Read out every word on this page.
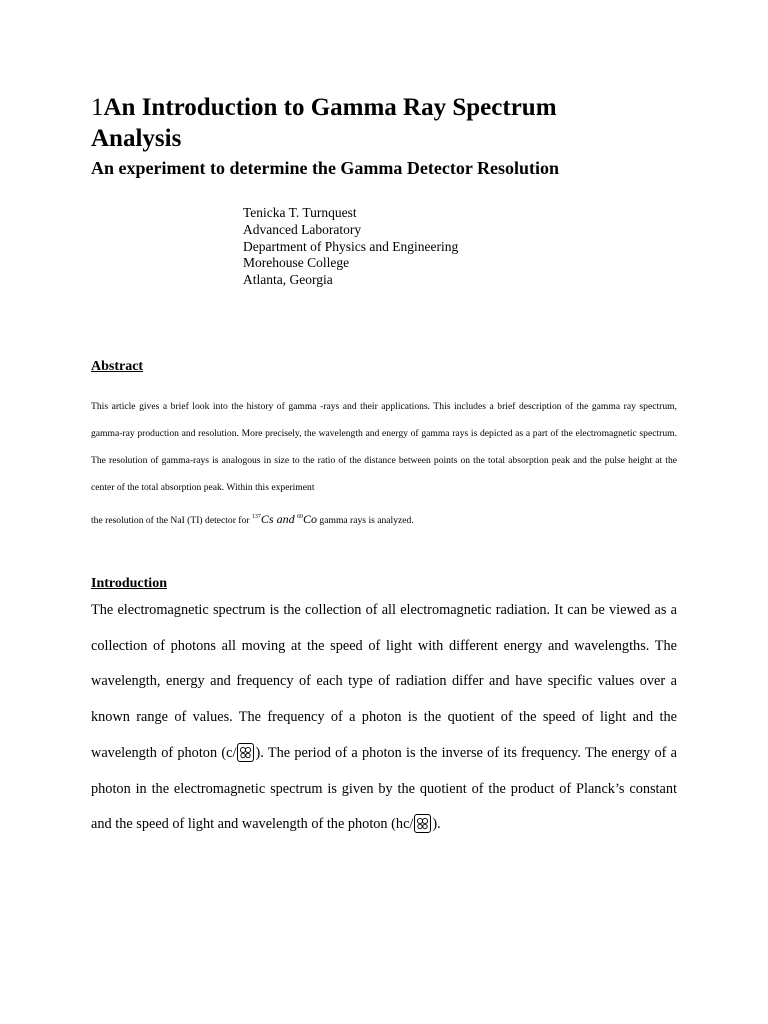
1An Introduction to Gamma Ray Spectrum Analysis
An experiment to determine the Gamma Detector Resolution
Tenicka T. Turnquest
Advanced Laboratory
Department of Physics and Engineering
Morehouse College
Atlanta, Georgia
Abstract

This article gives a brief look into the history of gamma -rays and their applications. This includes a brief description of the gamma ray spectrum, gamma-ray production and resolution. More precisely, the wavelength and energy of gamma rays is depicted as a part of the electromagnetic spectrum. The resolution of gamma-rays is analogous in size to the ratio of the distance between points on the total absorption peak and the pulse height at the center of the total absorption peak. Within this experiment

the resolution of the NaI (TI) detector for $^{137}$Cs and $^{60}$Co gamma rays is analyzed.
Introduction

The electromagnetic spectrum is the collection of all electromagnetic radiation. It can be viewed as a collection of photons all moving at the speed of light with different energy and wavelengths. The wavelength, energy and frequency of each type of radiation differ and have specific values over a known range of values. The frequency of a photon is the quotient of the speed of light and the wavelength of photon (c/ ). The period of a photon is the inverse of its frequency. The energy of a photon in the electromagnetic spectrum is given by the quotient of the product of Planck’s constant and the speed of light and wavelength of the photon (hc/ ).
